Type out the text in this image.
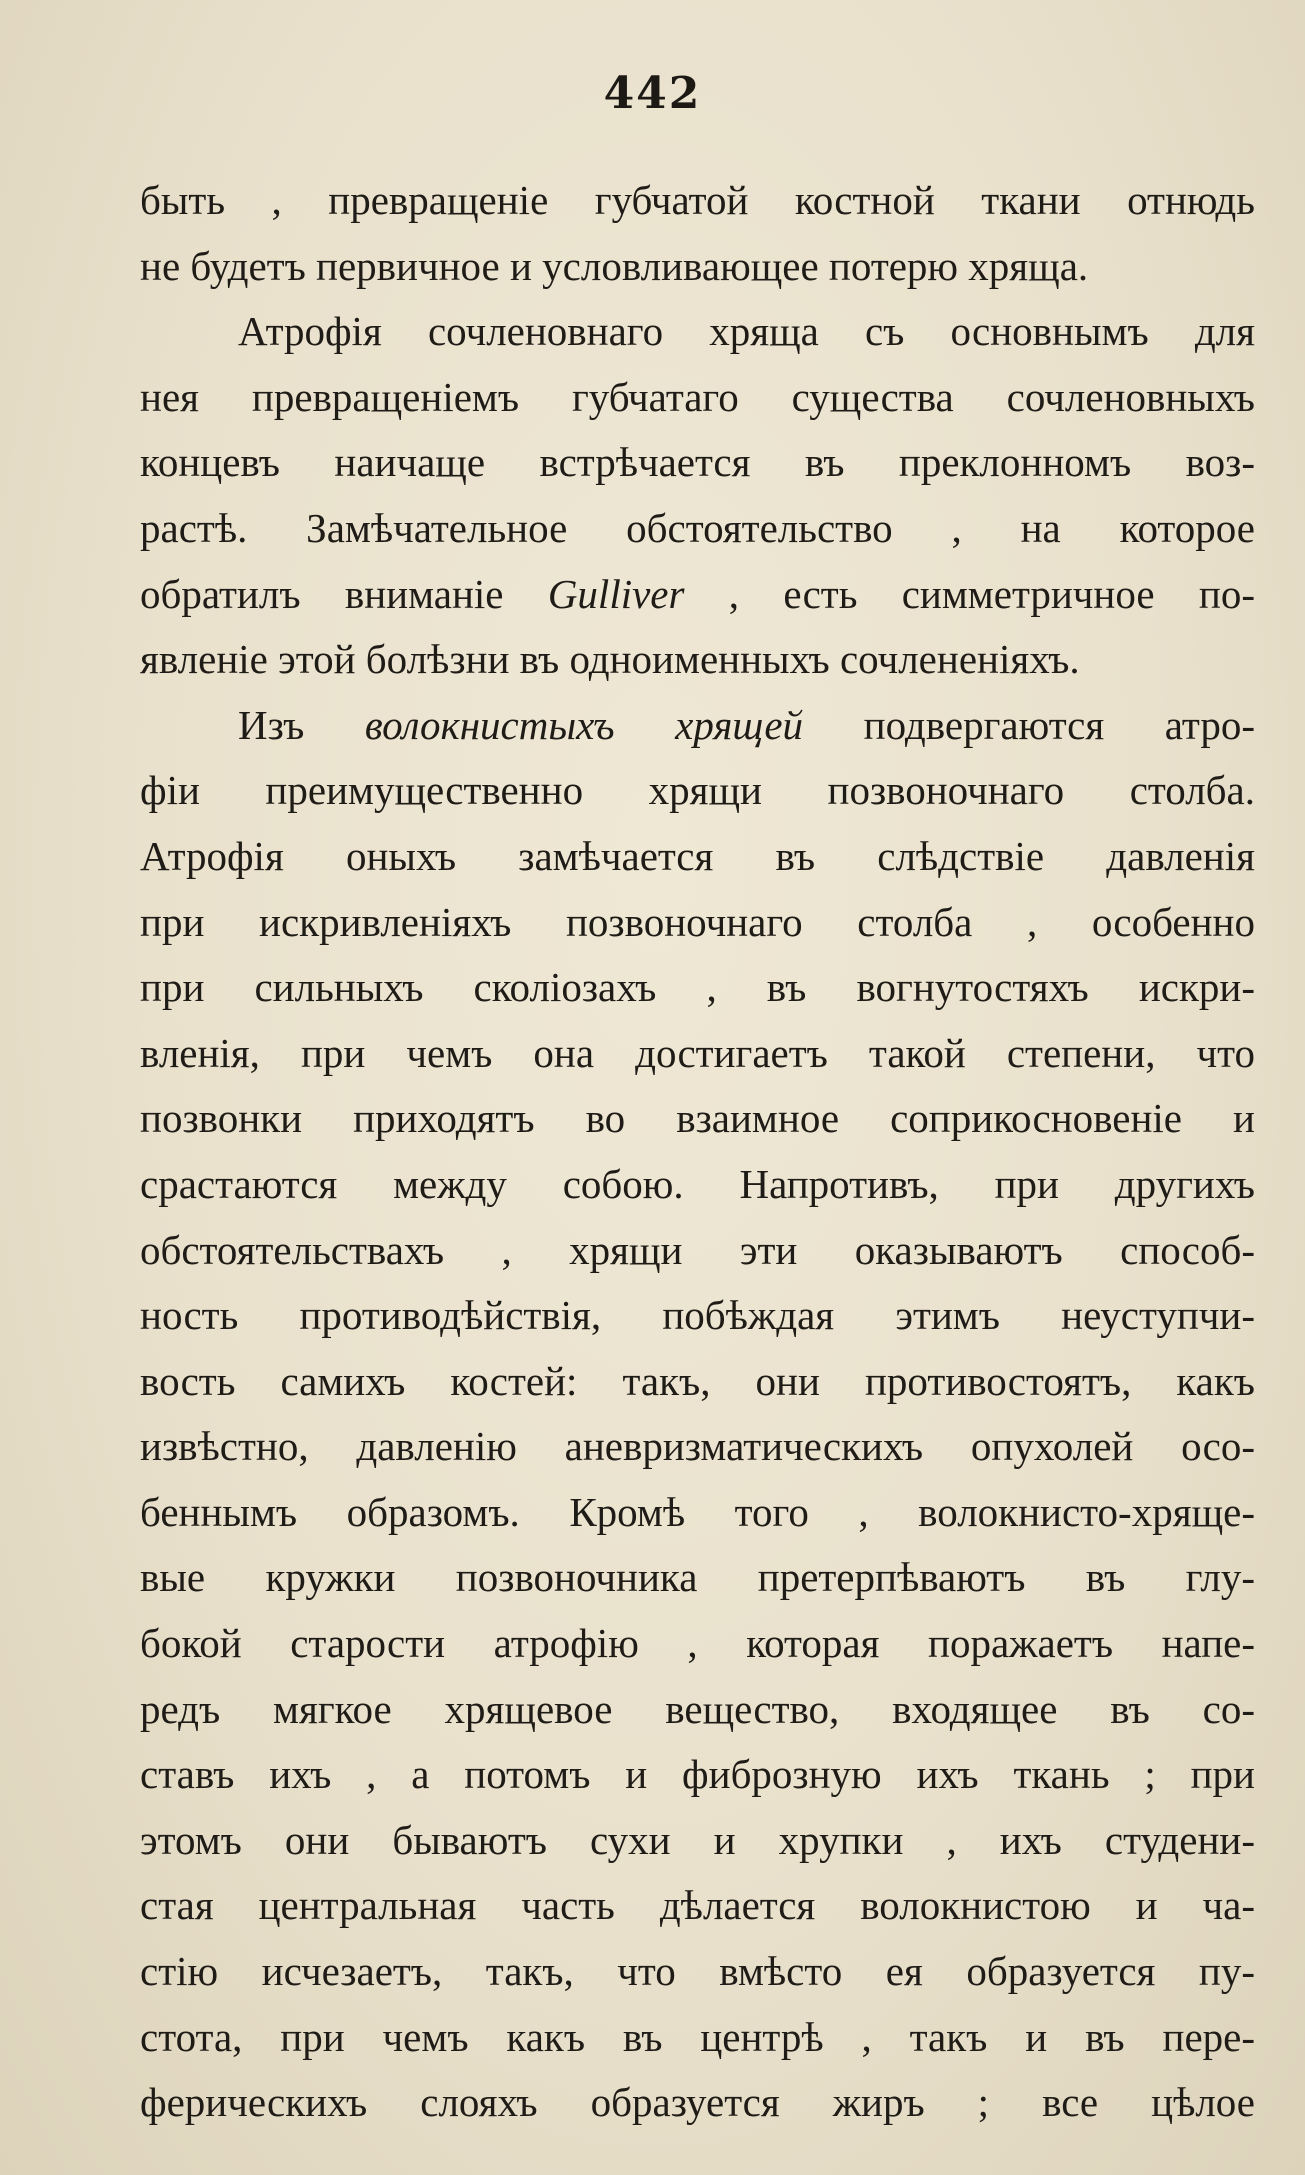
442
быть , превращеніе губчатой костной ткани отнюдь
не будетъ первичное и условливающее потерю хряща.
Атрофія сочленовнаго хряща съ основнымъ для
нея превращеніемъ губчатаго существа сочленовныхъ
концевъ наичаще встрѣчается въ преклонномъ воз-
растѣ. Замѣчательное обстоятельство , на которое
обратилъ вниманіе Gulliver , есть симметричное по-
явленіе этой болѣзни въ одноименныхъ сочлененіяхъ.
Изъ волокнистыхъ хрящей подвергаются атро-
фіи преимущественно хрящи позвоночнаго столба.
Атрофія оныхъ замѣчается въ слѣдствіе давленія
при искривленіяхъ позвоночнаго столба , особенно
при сильныхъ сколіозахъ , въ вогнутостяхъ искри-
вленія, при чемъ она достигаетъ такой степени, что
позвонки приходятъ во взаимное соприкосновеніе и
срастаются между собою. Напротивъ, при другихъ
обстоятельствахъ , хрящи эти оказываютъ способ-
ность противодѣйствія, побѣждая этимъ неуступчи-
вость самихъ костей: такъ, они противостоятъ, какъ
извѣстно, давленію аневризматическихъ опухолей осо-
беннымъ образомъ. Кромѣ того , волокнисто-хряще-
вые кружки позвоночника претерпѣваютъ въ глу-
бокой старости атрофію , которая поражаетъ напе-
редъ мягкое хрящевое вещество, входящее въ со-
ставъ ихъ , а потомъ и фиброзную ихъ ткань ; при
этомъ они бываютъ сухи и хрупки , ихъ студени-
стая центральная часть дѣлается волокнистою и ча-
стію исчезаетъ, такъ, что вмѣсто ея образуется пу-
стота, при чемъ какъ въ центрѣ , такъ и въ пере-
ферическихъ слояхъ образуется жиръ ; все цѣлое
